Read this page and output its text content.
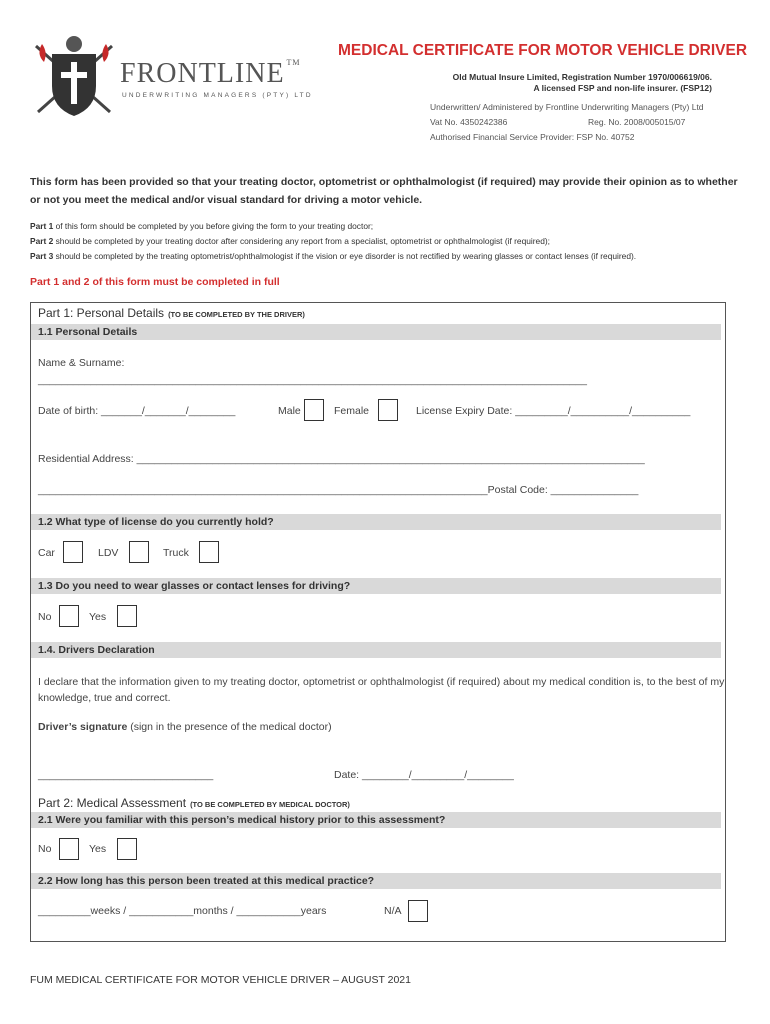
FRONTLINE ™
UNDERWRITING MANAGERS (PTY) LTD
MEDICAL CERTIFICATE FOR MOTOR VEHICLE DRIVER
Old Mutual Insure Limited, Registration Number 1970/006619/06.
A licensed FSP and non-life insurer. (FSP12)
Underwritten/ Administered by Frontline Underwriting Managers (Pty) Ltd
Vat No. 4350242386	Reg. No. 2008/005015/07
Authorised Financial Service Provider: FSP No. 40752
This form has been provided so that your treating doctor, optometrist or ophthalmologist (if required) may provide their opinion as to whether or not you meet the medical and/or visual standard for driving a motor vehicle.
Part 1 of this form should be completed by you before giving the form to your treating doctor;
Part 2 should be completed by your treating doctor after considering any report from a specialist, optometrist or ophthalmologist (if required);
Part 3 should be completed by the treating optometrist/ophthalmologist if the vision or eye disorder is not rectified by wearing glasses or contact lenses (if required).
Part 1 and 2 of this form must be completed in full
Part 1: Personal Details (TO BE COMPLETED BY THE DRIVER)
1.1 Personal Details
Name & Surname:
______________________________________________________________________________________________
Date of birth: _______/_______/________	Male	Female	License Expiry Date: _________/__________/__________
Residential Address: _______________________________________________________________________________________
_____________________________________________________________________________Postal Code: _______________
1.2 What type of license do you currently hold?
Car	LDV	Truck
1.3 Do you need to wear glasses or contact lenses for driving?
No	Yes
1.4. Drivers Declaration
I declare that the information given to my treating doctor, optometrist or ophthalmologist (if required) about my medical condition is, to the best of my knowledge, true and correct.
Driver’s signature (sign in the presence of the medical doctor)
______________________________	Date: ________/_________/________
Part 2: Medical Assessment (TO BE COMPLETED BY MEDICAL DOCTOR)
2.1 Were you familiar with this person’s medical history prior to this assessment?
No	Yes
2.2 How long has this person been treated at this medical practice?
_________weeks / ___________months / ___________years	N/A
FUM MEDICAL CERTIFICATE FOR MOTOR VEHICLE DRIVER – AUGUST 2021
